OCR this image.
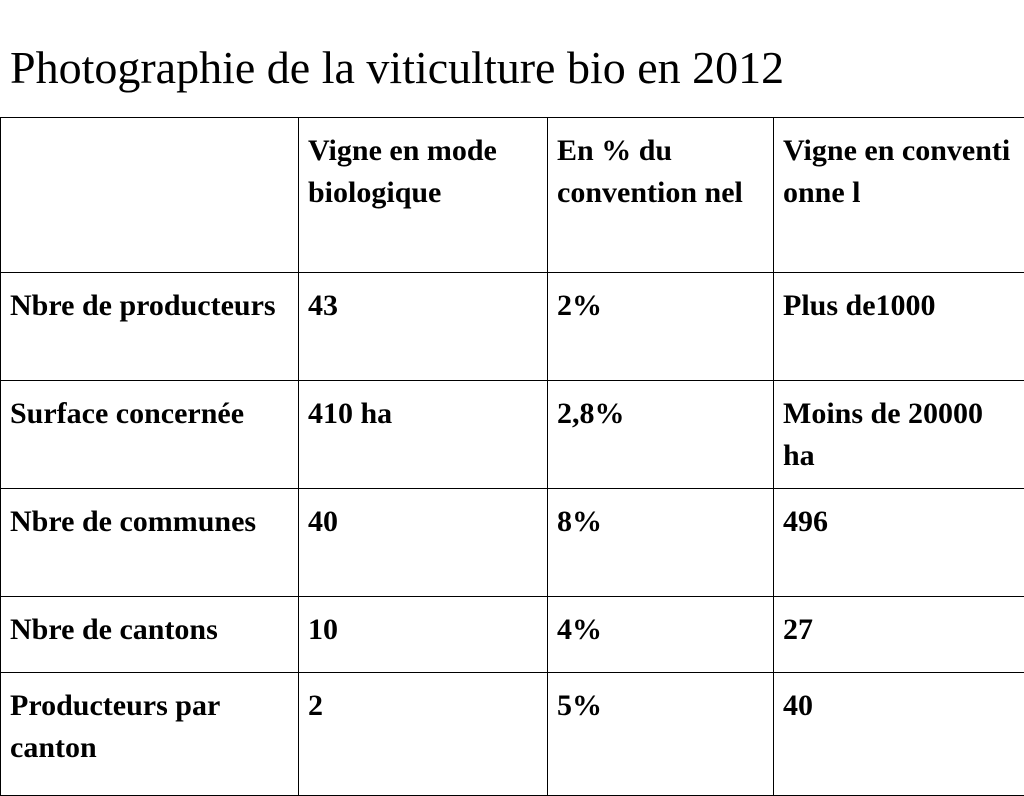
Photographie de la viticulture bio en 2012
	Vigne en mode biologique	En % du convention nel	Vigne en conventionne l
Nbre de producteurs	43	2%	Plus de1000
Surface concernée	410 ha	2,8%	Moins de 20000 ha
Nbre de communes	40	8%	496
Nbre de cantons	10	4%	27
Producteurs par canton	2	5%	40
